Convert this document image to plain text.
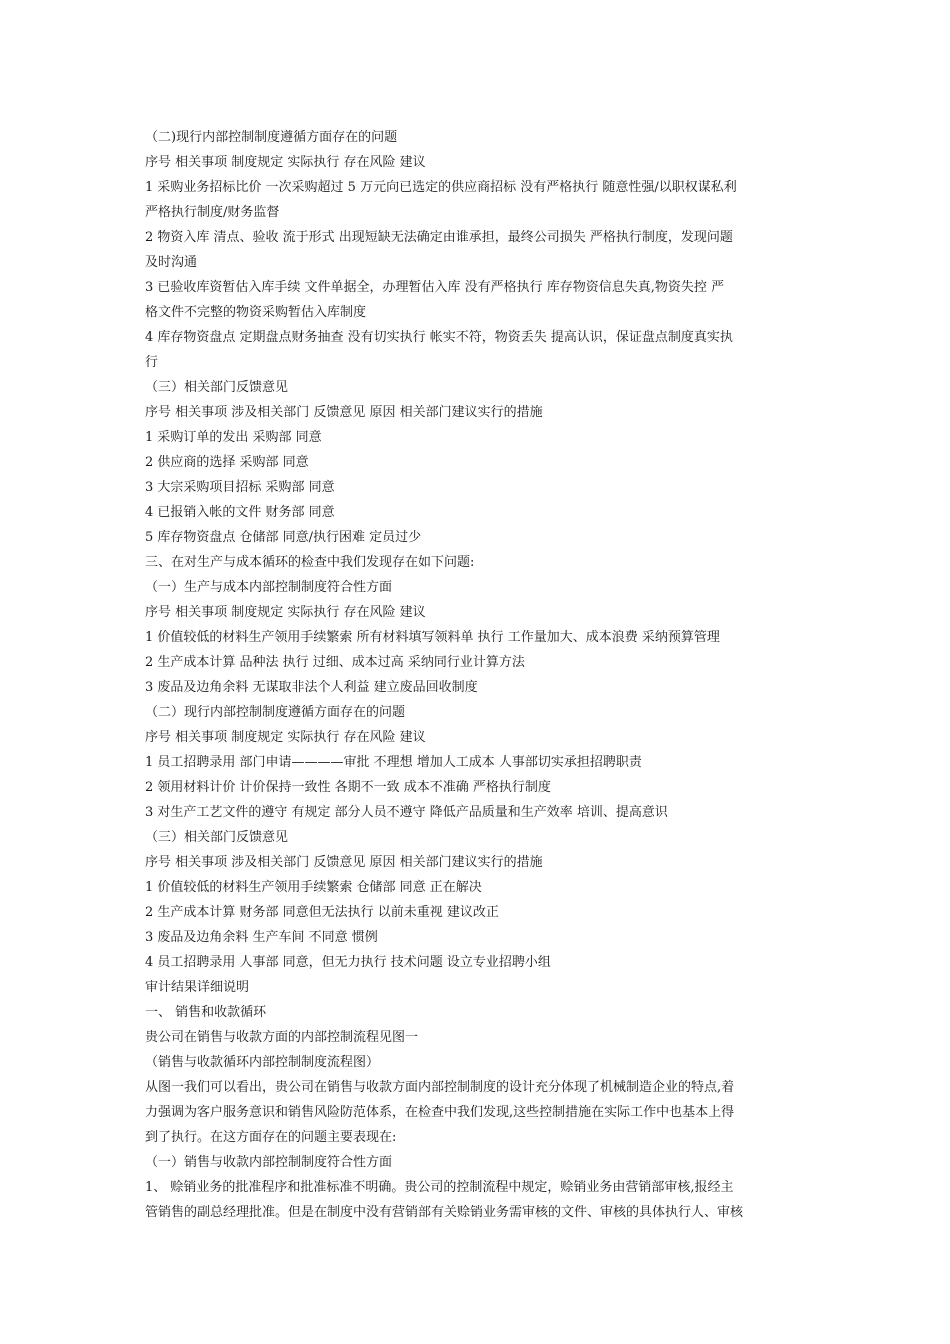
（二)现行内部控制制度遵循方面存在的问题
序号 相关事项 制度规定 实际执行 存在风险 建议
1 采购业务招标比价 一次采购超过 5 万元向已选定的供应商招标 没有严格执行 随意性强/以职权谋私利
严格执行制度/财务监督
2 物资入库 清点、验收 流于形式 出现短缺无法确定由谁承担，最终公司损失 严格执行制度，发现问题
及时沟通
3 已验收库资暂估入库手续 文件单据全，办理暂估入库 没有严格执行 库存物资信息失真,物资失控 严
格文件不完整的物资采购暂估入库制度
4 库存物资盘点 定期盘点财务抽查 没有切实执行 帐实不符，物资丢失 提高认识，保证盘点制度真实执
行
（三）相关部门反馈意见
序号 相关事项 涉及相关部门 反馈意见 原因 相关部门建议实行的措施
1 采购订单的发出 采购部 同意
2 供应商的选择 采购部 同意
3 大宗采购项目招标 采购部 同意
4 已报销入帐的文件 财务部 同意
5 库存物资盘点 仓储部 同意/执行困难 定员过少
三、在对生产与成本循环的检查中我们发现存在如下问题:
（一）生产与成本内部控制制度符合性方面
序号 相关事项 制度规定 实际执行 存在风险 建议
1 价值较低的材料生产领用手续繁索 所有材料填写领料单 执行 工作量加大、成本浪费 采纳预算管理
2 生产成本计算 品种法 执行 过细、成本过高 采纳同行业计算方法
3 废品及边角余料 无谋取非法个人利益 建立废品回收制度
（二）现行内部控制制度遵循方面存在的问题
序号 相关事项 制度规定 实际执行 存在风险 建议
1 员工招聘录用 部门申请————审批 不理想 增加人工成本 人事部切实承担招聘职责
2 领用材料计价 计价保持一致性 各期不一致 成本不准确 严格执行制度
3 对生产工艺文件的遵守 有规定 部分人员不遵守 降低产品质量和生产效率 培训、提高意识
（三）相关部门反馈意见
序号 相关事项 涉及相关部门 反馈意见 原因 相关部门建议实行的措施
1 价值较低的材料生产领用手续繁索 仓储部 同意 正在解决
2 生产成本计算 财务部 同意但无法执行 以前未重视 建议改正
3 废品及边角余料 生产车间 不同意 惯例
4 员工招聘录用 人事部 同意，但无力执行 技术问题 设立专业招聘小组
审计结果详细说明
一、 销售和收款循环
贵公司在销售与收款方面的内部控制流程见图一
（销售与收款循环内部控制制度流程图）
从图一我们可以看出，贵公司在销售与收款方面内部控制制度的设计充分体现了机械制造企业的特点,着
力强调为客户服务意识和销售风险防范体系，在检查中我们发现,这些控制措施在实际工作中也基本上得
到了执行。在这方面存在的问题主要表现在:
（一）销售与收款内部控制制度符合性方面
1、 赊销业务的批准程序和批准标准不明确。贵公司的控制流程中规定，赊销业务由营销部审核,报经主
管销售的副总经理批准。但是在制度中没有营销部有关赊销业务需审核的文件、审核的具体执行人、审核
